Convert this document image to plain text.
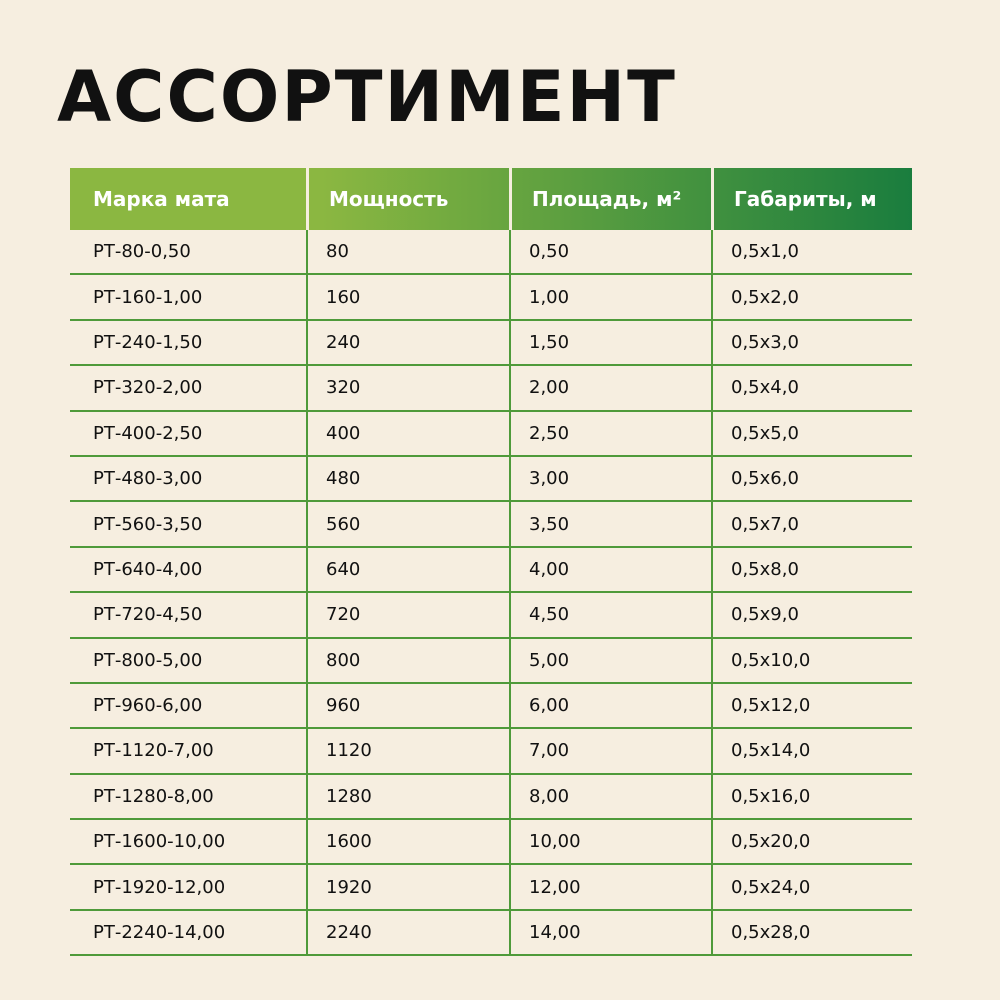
АССОРТИМЕНТ
Марка мата	Мощность	Площадь, м²	Габариты, м
РТ-80-0,50	80	0,50	0,5х1,0
РТ-160-1,00	160	1,00	0,5х2,0
РТ-240-1,50	240	1,50	0,5х3,0
РТ-320-2,00	320	2,00	0,5х4,0
РТ-400-2,50	400	2,50	0,5х5,0
РТ-480-3,00	480	3,00	0,5х6,0
РТ-560-3,50	560	3,50	0,5х7,0
РТ-640-4,00	640	4,00	0,5х8,0
РТ-720-4,50	720	4,50	0,5х9,0
РТ-800-5,00	800	5,00	0,5х10,0
РТ-960-6,00	960	6,00	0,5х12,0
РТ-1120-7,00	1120	7,00	0,5х14,0
РТ-1280-8,00	1280	8,00	0,5х16,0
РТ-1600-10,00	1600	10,00	0,5х20,0
РТ-1920-12,00	1920	12,00	0,5х24,0
РТ-2240-14,00	2240	14,00	0,5х28,0
